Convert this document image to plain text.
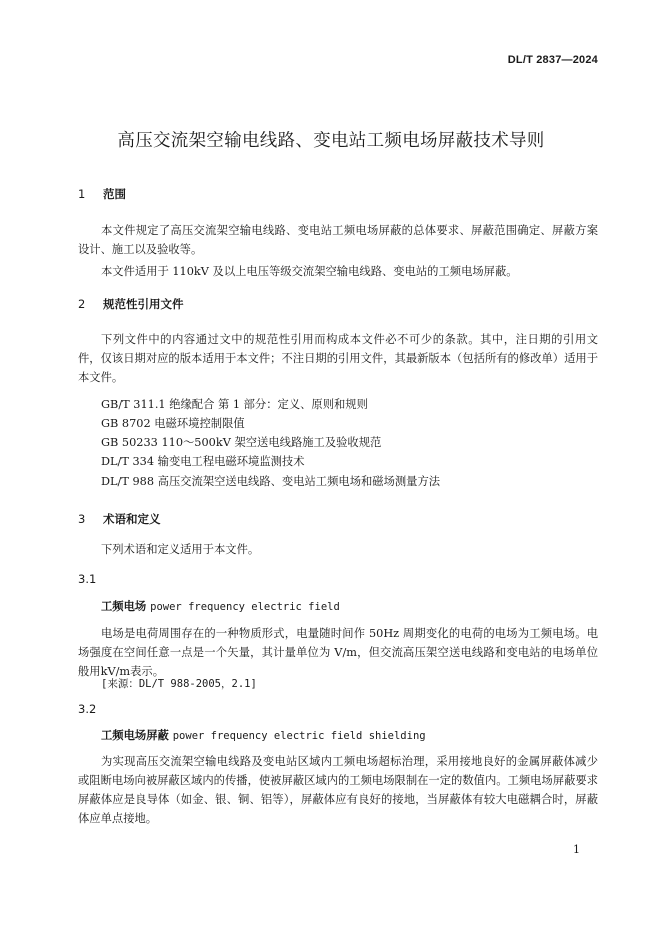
DL/T 2837—2024
高压交流架空输电线路、变电站工频电场屏蔽技术导则
1 范围
本文件规定了高压交流架空输电线路、变电站工频电场屏蔽的总体要求、屏蔽范围确定、屏蔽方案设计、施工以及验收等。
本文件适用于 110kV 及以上电压等级交流架空输电线路、变电站的工频电场屏蔽。
2 规范性引用文件
下列文件中的内容通过文中的规范性引用而构成本文件必不可少的条款。其中，注日期的引用文件，仅该日期对应的版本适用于本文件；不注日期的引用文件，其最新版本（包括所有的修改单）适用于本文件。
GB/T 311.1 绝缘配合 第 1 部分：定义、原则和规则
GB 8702 电磁环境控制限值
GB 50233 110～500kV 架空送电线路施工及验收规范
DL/T 334 输变电工程电磁环境监测技术
DL/T 988 高压交流架空送电线路、变电站工频电场和磁场测量方法
3 术语和定义
下列术语和定义适用于本文件。
3.1
工频电场 power frequency electric field
电场是电荷周围存在的一种物质形式，电量随时间作 50Hz 周期变化的电荷的电场为工频电场。电场强度在空间任意一点是一个矢量，其计量单位为 V/m，但交流高压架空送电线路和变电站的电场单位般用kV/m表示。
[来源：DL/T 988-2005，2.1]
3.2
工频电场屏蔽 power frequency electric field shielding
为实现高压交流架空输电线路及变电站区域内工频电场超标治理，采用接地良好的金属屏蔽体减少或阻断电场向被屏蔽区域内的传播，使被屏蔽区域内的工频电场限制在一定的数值内。工频电场屏蔽要求屏蔽体应是良导体（如金、银、铜、铝等），屏蔽体应有良好的接地，当屏蔽体有较大电磁耦合时，屏蔽体应单点接地。
1
